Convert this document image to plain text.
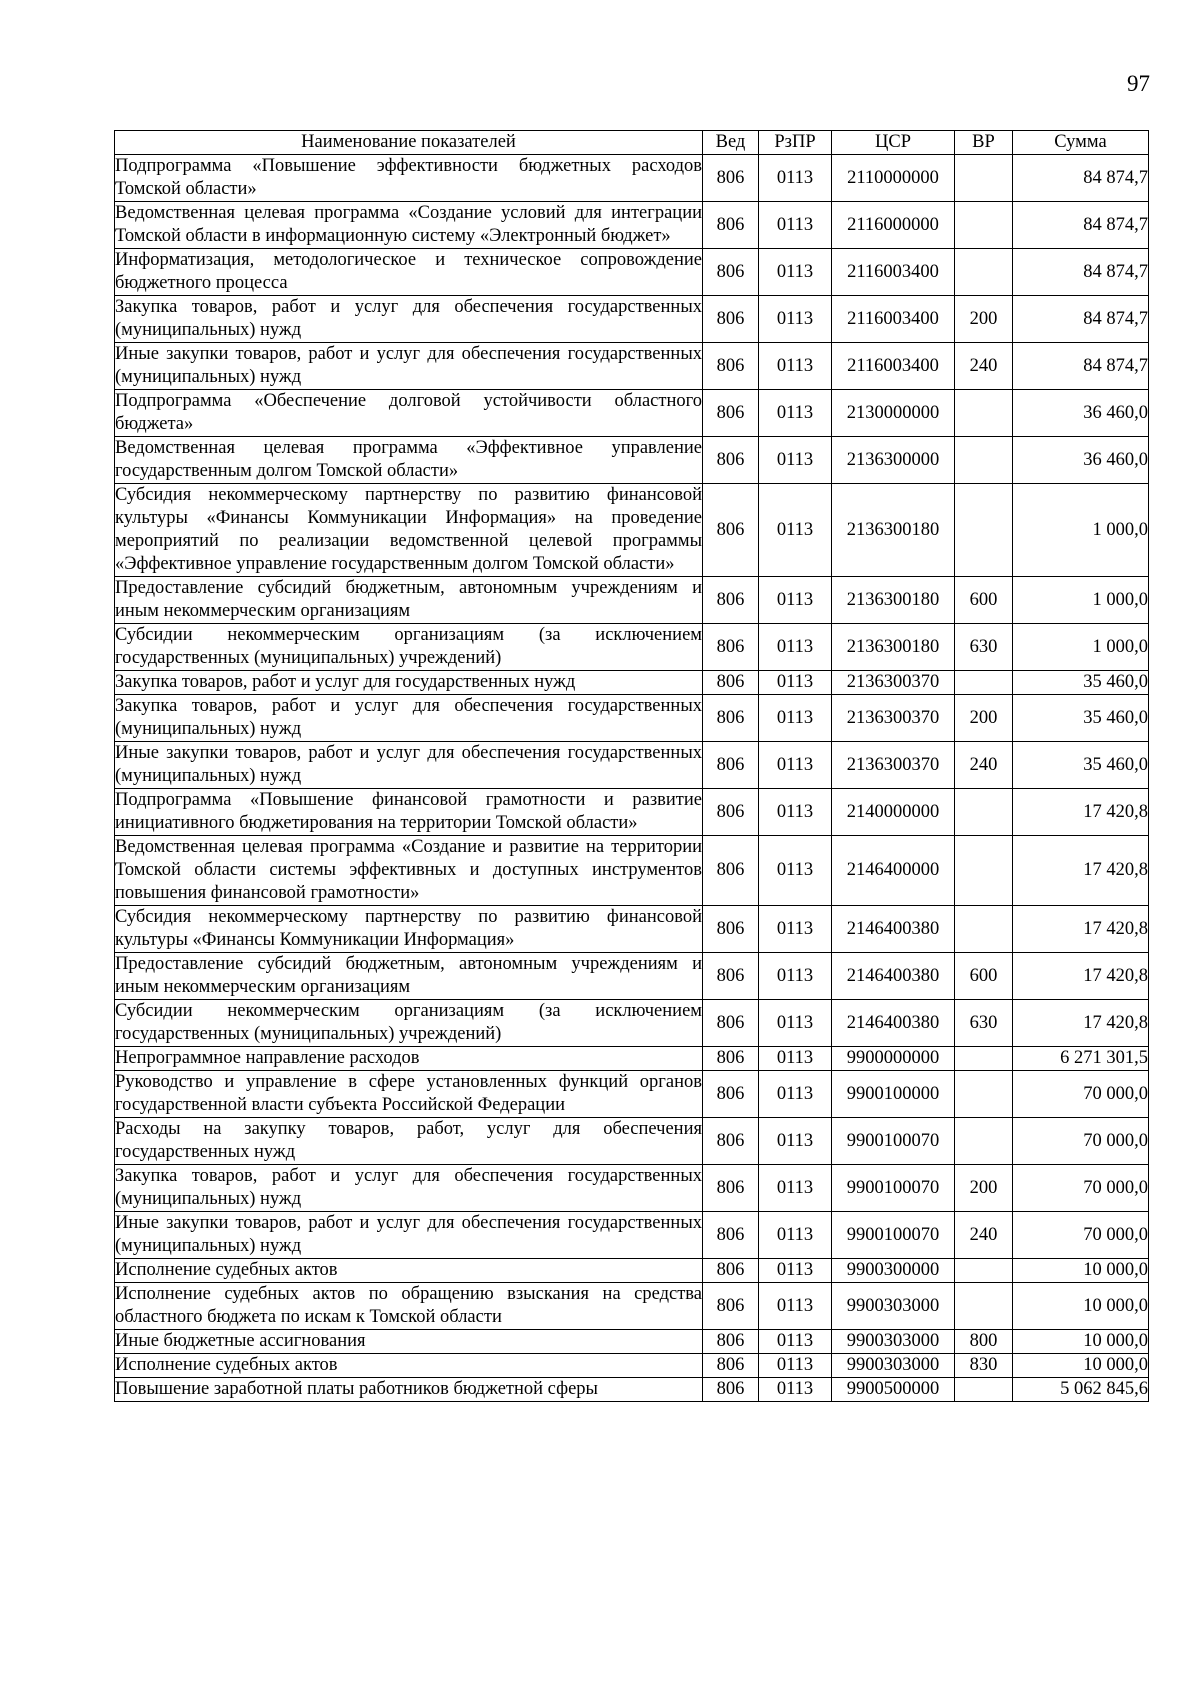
97
Наименование показателей	Вед	РзПР	ЦСР	ВР	Сумма
Подпрограмма «Повышение эффективности бюджетных расходов Томской области»	806	0113	2110000000		84 874,7
Ведомственная целевая программа «Создание условий для интеграции Томской области в информационную систему «Электронный бюджет»	806	0113	2116000000		84 874,7
Информатизация, методологическое и техническое сопровождение бюджетного процесса	806	0113	2116003400		84 874,7
Закупка товаров, работ и услуг для обеспечения государственных (муниципальных) нужд	806	0113	2116003400	200	84 874,7
Иные закупки товаров, работ и услуг для обеспечения государственных (муниципальных) нужд	806	0113	2116003400	240	84 874,7
Подпрограмма «Обеспечение долговой устойчивости областного бюджета»	806	0113	2130000000		36 460,0
Ведомственная целевая программа «Эффективное управление государственным долгом Томской области»	806	0113	2136300000		36 460,0
Субсидия некоммерческому партнерству по развитию финансовой культуры «Финансы Коммуникации Информация» на проведение мероприятий по реализации ведомственной целевой программы «Эффективное управление государственным долгом Томской области»	806	0113	2136300180		1 000,0
Предоставление субсидий бюджетным, автономным учреждениям и иным некоммерческим организациям	806	0113	2136300180	600	1 000,0
Субсидии некоммерческим организациям (за исключением государственных (муниципальных) учреждений)	806	0113	2136300180	630	1 000,0
Закупка товаров, работ и услуг для государственных нужд	806	0113	2136300370		35 460,0
Закупка товаров, работ и услуг для обеспечения государственных (муниципальных) нужд	806	0113	2136300370	200	35 460,0
Иные закупки товаров, работ и услуг для обеспечения государственных (муниципальных) нужд	806	0113	2136300370	240	35 460,0
Подпрограмма «Повышение финансовой грамотности и развитие инициативного бюджетирования на территории Томской области»	806	0113	2140000000		17 420,8
Ведомственная целевая программа «Создание и развитие на территории Томской области системы эффективных и доступных инструментов повышения финансовой грамотности»	806	0113	2146400000		17 420,8
Субсидия некоммерческому партнерству по развитию финансовой культуры «Финансы Коммуникации Информация»	806	0113	2146400380		17 420,8
Предоставление субсидий бюджетным, автономным учреждениям и иным некоммерческим организациям	806	0113	2146400380	600	17 420,8
Субсидии некоммерческим организациям (за исключением государственных (муниципальных) учреждений)	806	0113	2146400380	630	17 420,8
Непрограммное направление расходов	806	0113	9900000000		6 271 301,5
Руководство и управление в сфере установленных функций органов государственной власти субъекта Российской Федерации	806	0113	9900100000		70 000,0
Расходы на закупку товаров, работ, услуг для обеспечения государственных нужд	806	0113	9900100070		70 000,0
Закупка товаров, работ и услуг для обеспечения государственных (муниципальных) нужд	806	0113	9900100070	200	70 000,0
Иные закупки товаров, работ и услуг для обеспечения государственных (муниципальных) нужд	806	0113	9900100070	240	70 000,0
Исполнение судебных актов	806	0113	9900300000		10 000,0
Исполнение судебных актов по обращению взыскания на средства областного бюджета по искам к Томской области	806	0113	9900303000		10 000,0
Иные бюджетные ассигнования	806	0113	9900303000	800	10 000,0
Исполнение судебных актов	806	0113	9900303000	830	10 000,0
Повышение заработной платы работников бюджетной сферы	806	0113	9900500000		5 062 845,6
